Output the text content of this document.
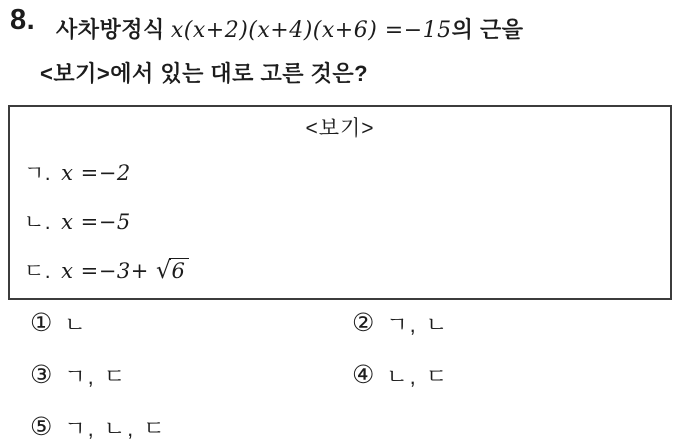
8. 사차방정식 x(x+2)(x+4)(x+6) =−15의 근을
<보기>에서 있는 대로 고른 것은?
<보기>
ㄱ. x =−2
ㄴ. x =−5
ㄷ. x =−3+ √6
① ㄴ	② ㄱ, ㄴ
③ ㄱ, ㄷ	④ ㄴ, ㄷ
⑤ ㄱ, ㄴ, ㄷ
